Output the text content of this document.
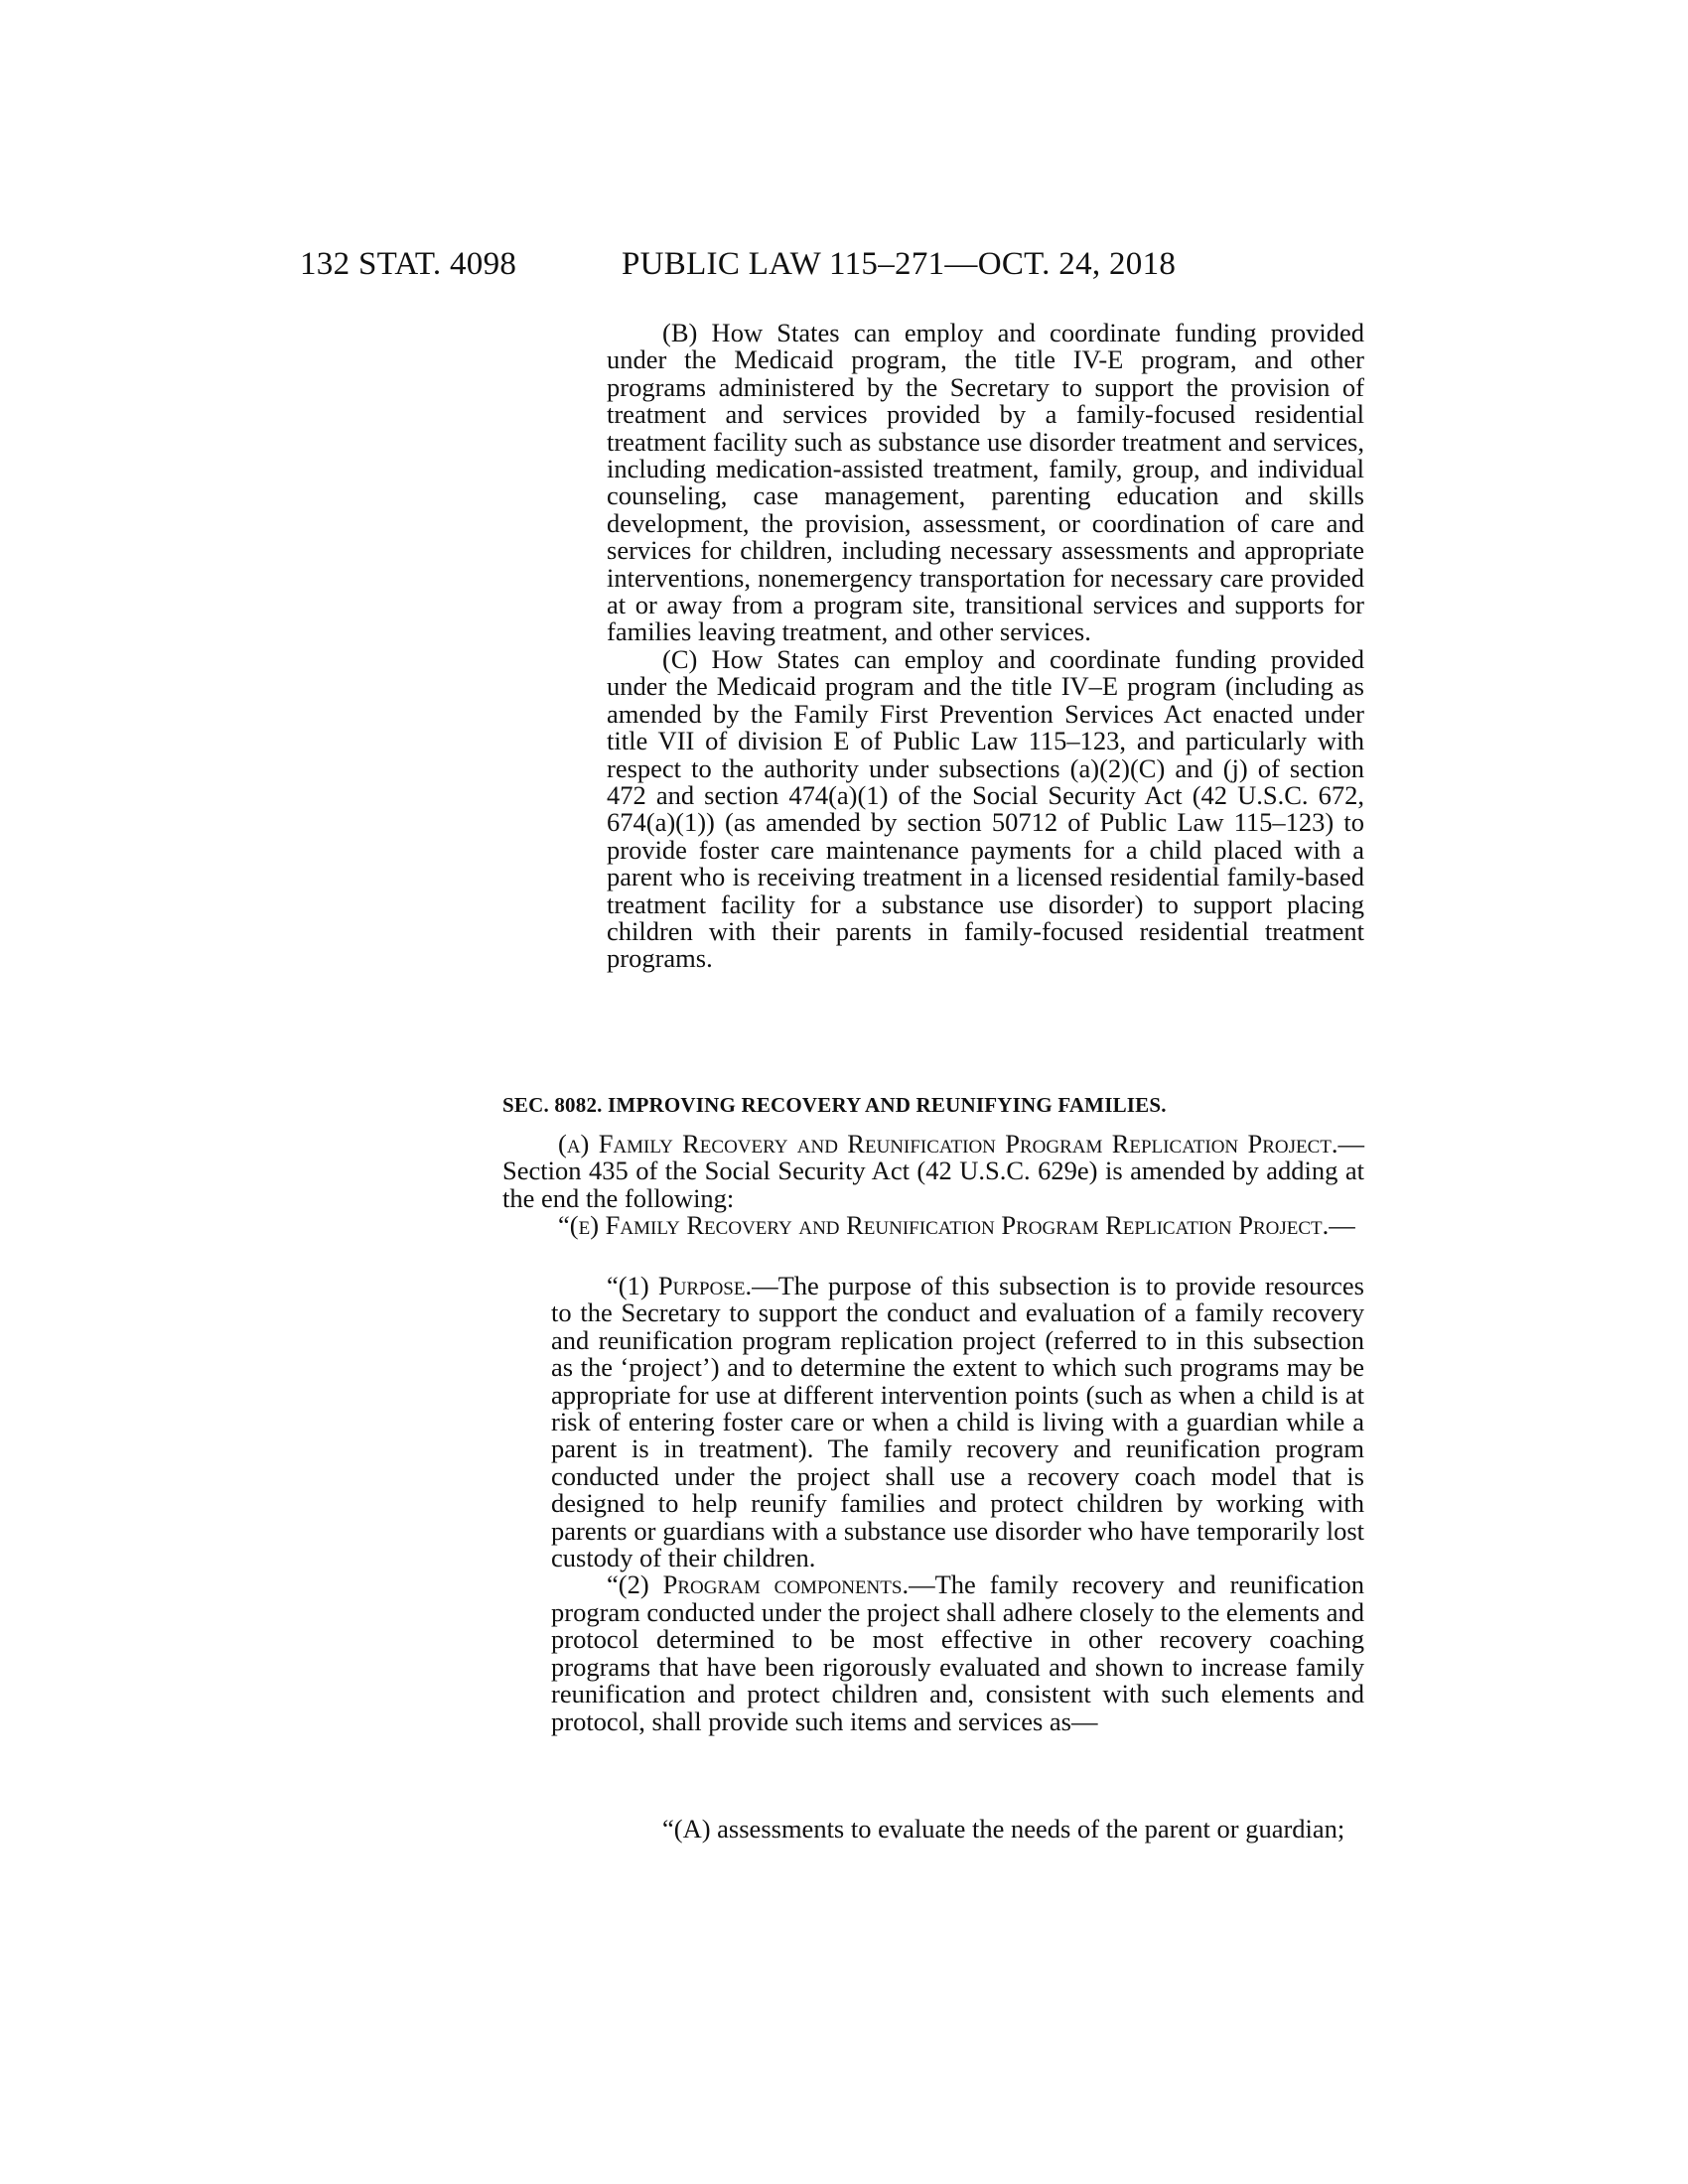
132 STAT. 4098	PUBLIC LAW 115–271—OCT. 24, 2018

(B) How States can employ and coordinate funding provided under the Medicaid program, the title IV-E program, and other programs administered by the Secretary to support the provision of treatment and services provided by a family-focused residential treatment facility such as substance use disorder treatment and services, including medication-assisted treatment, family, group, and individual counseling, case management, parenting education and skills development, the provision, assessment, or coordination of care and services for children, including necessary assessments and appropriate interventions, nonemergency transportation for necessary care provided at or away from a program site, transitional services and supports for families leaving treatment, and other services.

(C) How States can employ and coordinate funding provided under the Medicaid program and the title IV–E program (including as amended by the Family First Prevention Services Act enacted under title VII of division E of Public Law 115–123, and particularly with respect to the authority under subsections (a)(2)(C) and (j) of section 472 and section 474(a)(1) of the Social Security Act (42 U.S.C. 672, 674(a)(1)) (as amended by section 50712 of Public Law 115–123) to provide foster care maintenance payments for a child placed with a parent who is receiving treatment in a licensed residential family-based treatment facility for a substance use disorder) to support placing children with their parents in family-focused residential treatment programs.

SEC. 8082. IMPROVING RECOVERY AND REUNIFYING FAMILIES.

(a) Family Recovery and Reunification Program Replication Project.—Section 435 of the Social Security Act (42 U.S.C. 629e) is amended by adding at the end the following:

“(e) Family Recovery and Reunification Program Replication Project.—

“(1) Purpose.—The purpose of this subsection is to provide resources to the Secretary to support the conduct and evaluation of a family recovery and reunification program replication project (referred to in this subsection as the ‘project’) and to determine the extent to which such programs may be appropriate for use at different intervention points (such as when a child is at risk of entering foster care or when a child is living with a guardian while a parent is in treatment). The family recovery and reunification program conducted under the project shall use a recovery coach model that is designed to help reunify families and protect children by working with parents or guardians with a substance use disorder who have temporarily lost custody of their children.

“(2) Program components.—The family recovery and reunification program conducted under the project shall adhere closely to the elements and protocol determined to be most effective in other recovery coaching programs that have been rigorously evaluated and shown to increase family reunification and protect children and, consistent with such elements and protocol, shall provide such items and services as—

“(A) assessments to evaluate the needs of the parent or guardian;
